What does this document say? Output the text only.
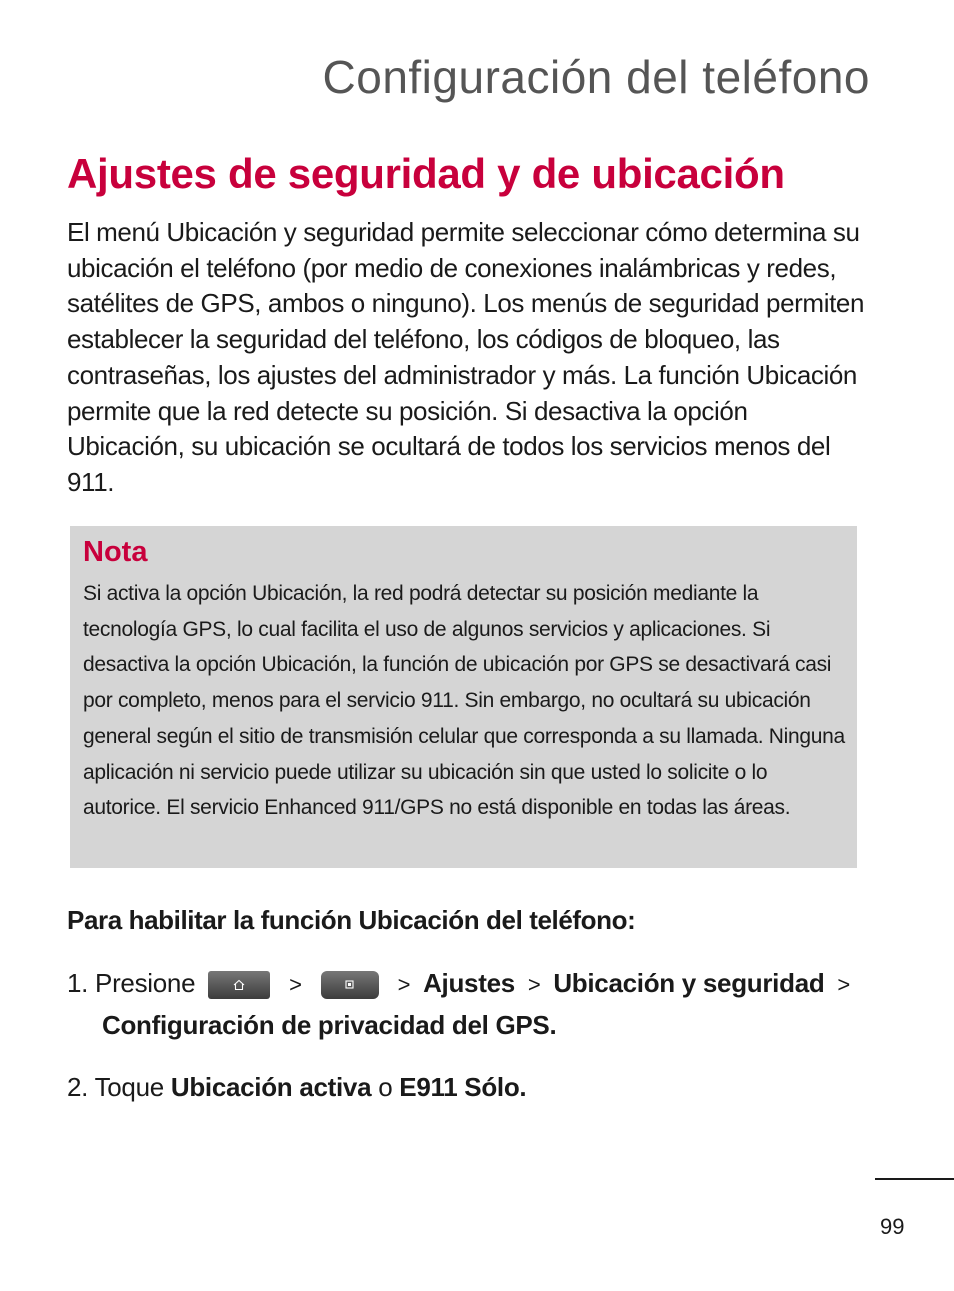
Configuración del teléfono
Ajustes de seguridad y de ubicación

El menú Ubicación y seguridad permite seleccionar cómo determina su ubicación el teléfono (por medio de conexiones inalámbricas y redes, satélites de GPS, ambos o ninguno). Los menús de seguridad permiten establecer la seguridad del teléfono, los códigos de bloqueo, las contraseñas, los ajustes del administrador y más. La función Ubicación permite que la red detecte su posición. Si desactiva la opción Ubicación, su ubicación se ocultará de todos los servicios menos del 911.

Nota

Si activa la opción Ubicación, la red podrá detectar su posición mediante la tecnología GPS, lo cual facilita el uso de algunos servicios y aplicaciones. Si desactiva la opción Ubicación, la función de ubicación por GPS se desactivará casi por completo, menos para el servicio 911. Sin embargo, no ocultará su ubicación general según el sitio de transmisión celular que corresponda a su llamada. Ninguna aplicación ni servicio puede utilizar su ubicación sin que usted lo solicite o lo autorice. El servicio Enhanced 911/GPS no está disponible en todas las áreas.

Para habilitar la función Ubicación del teléfono:

1. Presione	>	> Ajustes > Ubicación y seguridad >
Configuración de privacidad del GPS.
2. Toque Ubicación activa o E911 Sólo.
99
